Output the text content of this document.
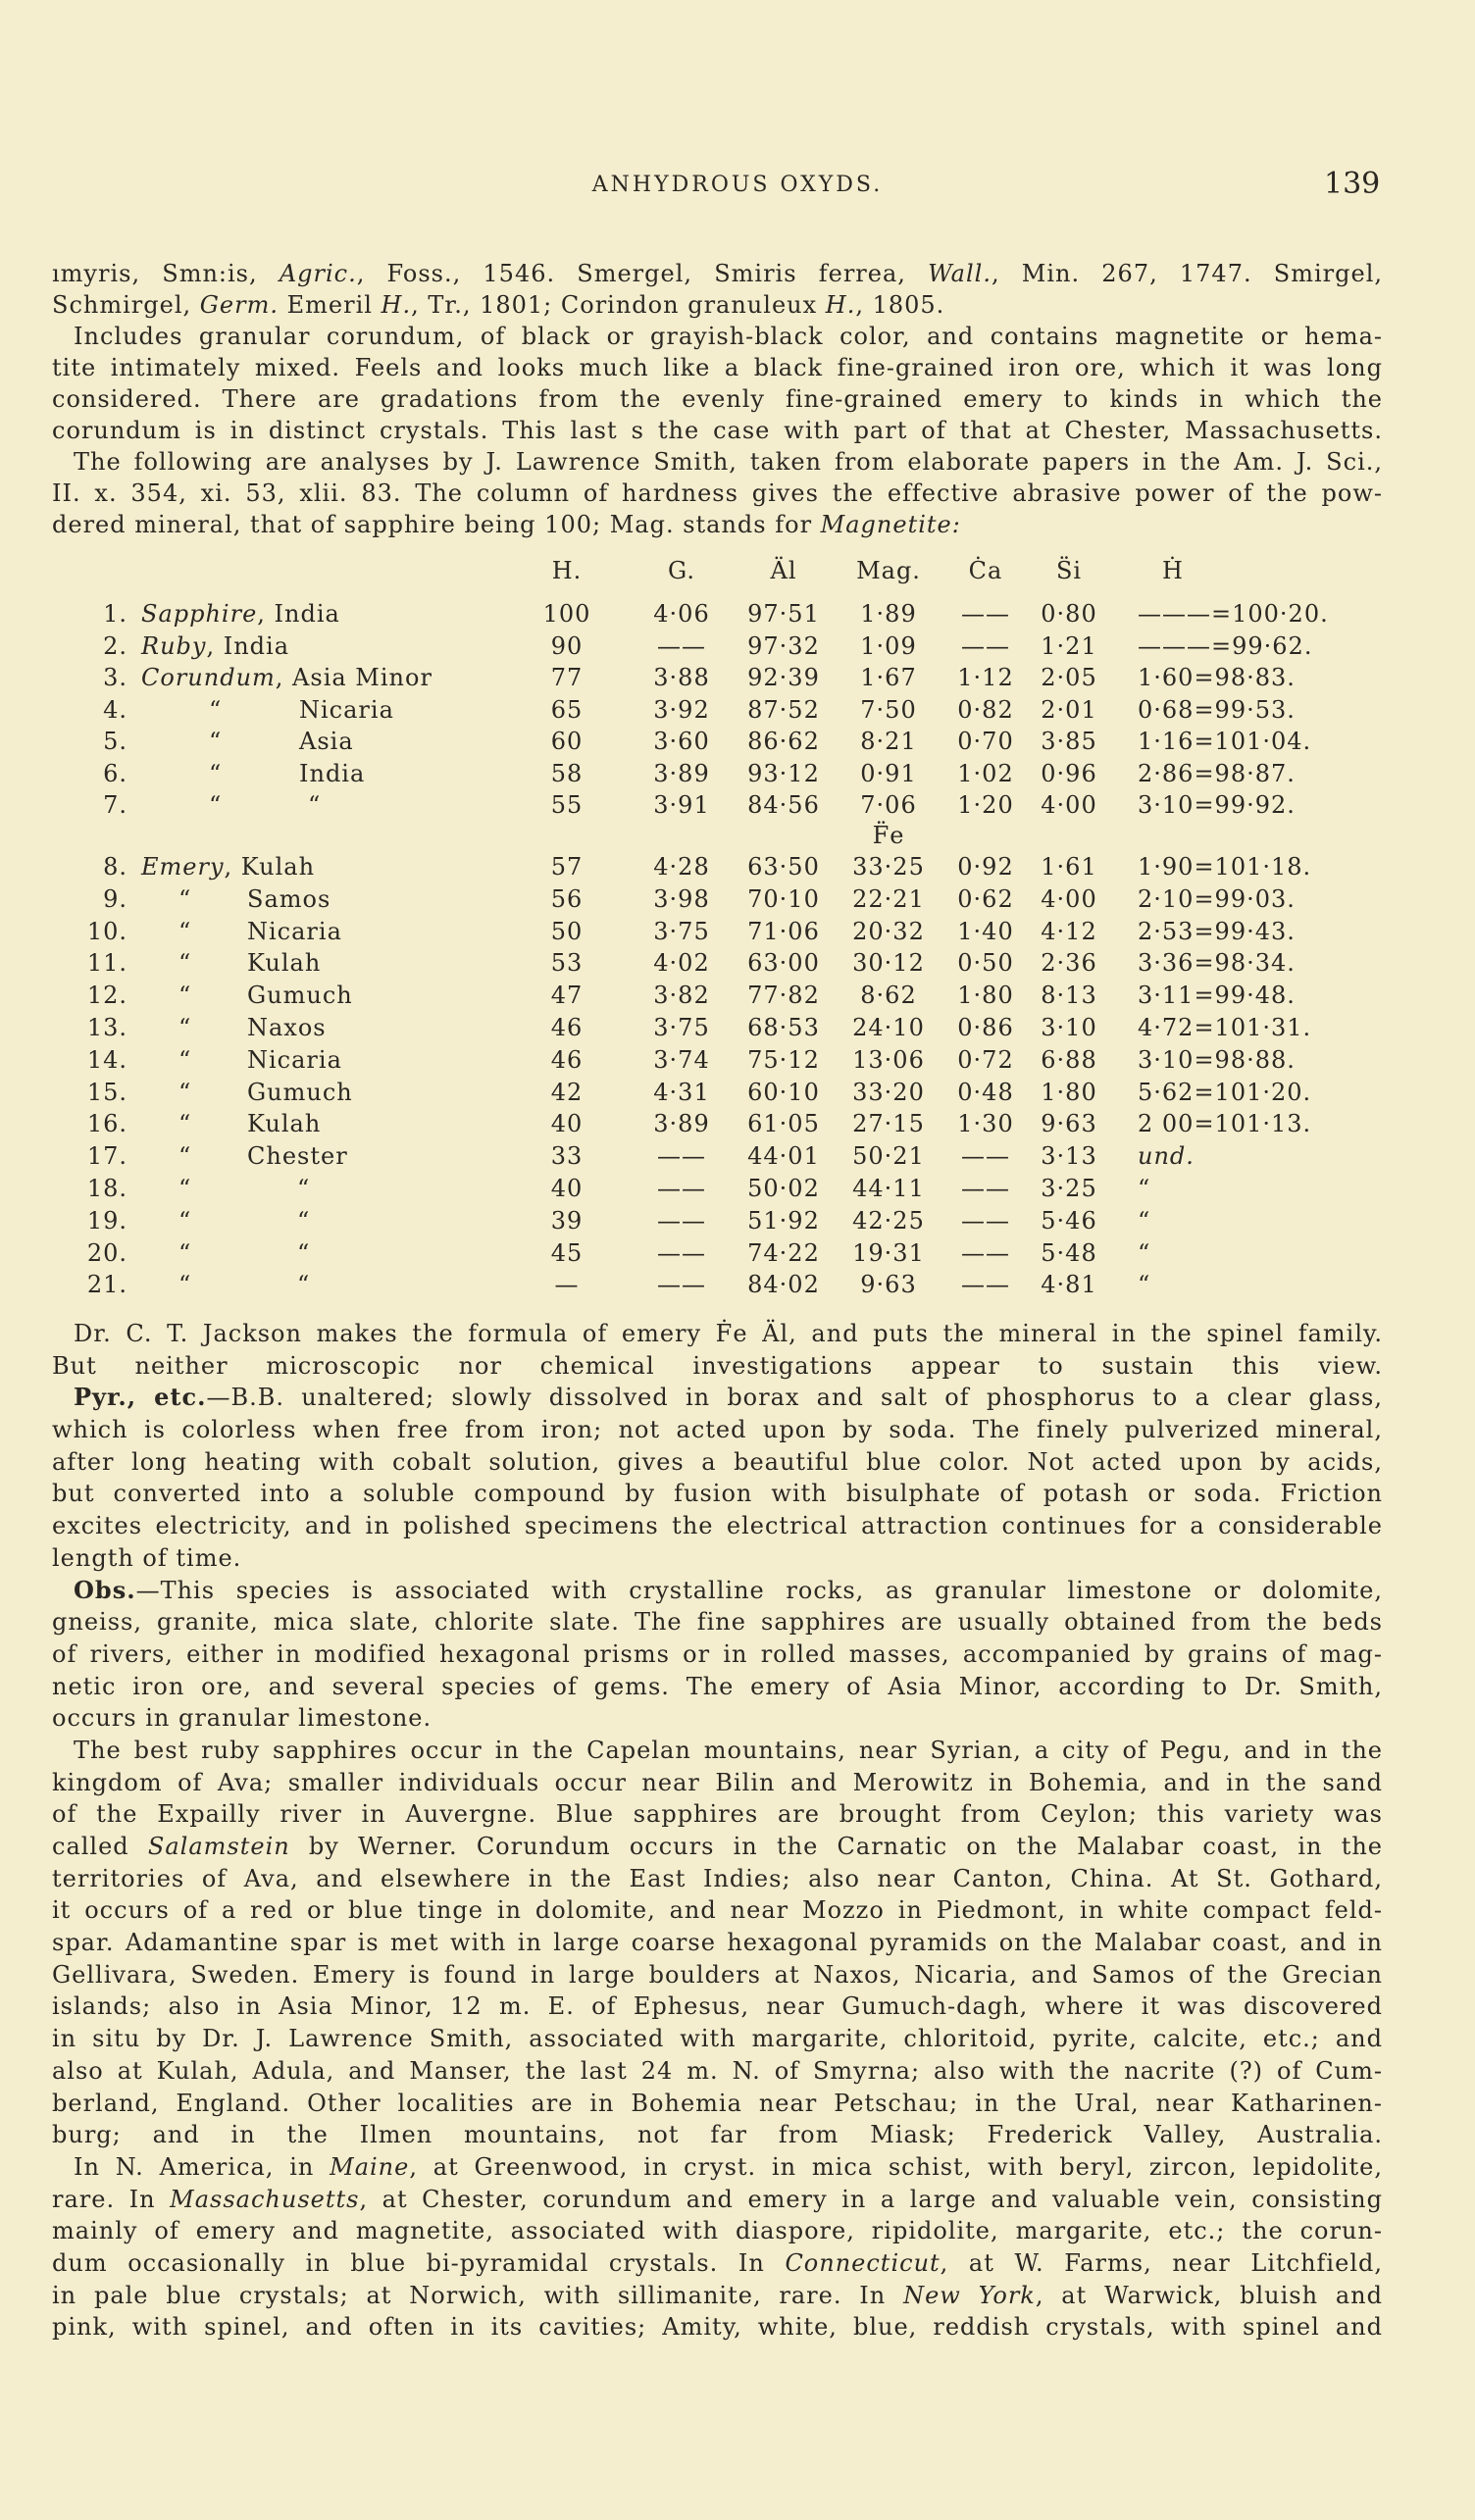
ANHYDROUS OXYDS.	139
ımyris, Smn:is, Agric., Foss., 1546. Smergel, Smiris ferrea, Wall., Min. 267, 1747. Smirgel,
Schmirgel, Germ. Emeril H., Tr., 1801; Corindon granuleux H., 1805.
Includes granular corundum, of black or grayish-black color, and contains magnetite or hema-
tite intimately mixed. Feels and looks much like a black fine-grained iron ore, which it was long
considered. There are gradations from the evenly fine-grained emery to kinds in which the
corundum is in distinct crystals. This last s the case with part of that at Chester, Massachusetts.
The following are analyses by J. Lawrence Smith, taken from elaborate papers in the Am. J. Sci.,
II. x. 354, xi. 53, xlii. 83. The column of hardness gives the effective abrasive power of the pow-
dered mineral, that of sapphire being 100; Mag. stands for Magnetite:
H.	G.	Äl	Mag.	Ċa	S̈i	Ḣ
F̈e
1. Sapphire, India	100	4·06	97·51	1·89	——	0·80	———=100·20.
2. Ruby, India	90	——	97·32	1·09	——	1·21	———=99·62.
3. Corundum, Asia Minor	77	3·88	92·39	1·67	1·12	2·05	1·60=98·83.
4.	“	Nicaria	65	3·92	87·52	7·50	0·82	2·01	0·68=99·53.
5.	“	Asia	60	3·60	86·62	8·21	0·70	3·85	1·16=101·04.
6.	“	India	58	3·89	93·12	0·91	1·02	0·96	2·86=98·87.
7.	“	“	55	3·91	84·56	7·06	1·20	4·00	3·10=99·92.
8. Emery, Kulah	57	4·28	63·50	33·25	0·92	1·61	1·90=101·18.
9. “ Samos	56	3·98	70·10	22·21	0·62	4·00	2·10=99·03.
10. “ Nicaria	50	3·75	71·06	20·32	1·40	4·12	2·53=99·43.
11. “ Kulah	53	4·02	63·00	30·12	0·50	2·36	3·36=98·34.
12. “ Gumuch	47	3·82	77·82	8·62	1·80	8·13	3·11=99·48.
13. “ Naxos	46	3·75	68·53	24·10	0·86	3·10	4·72=101·31.
14. “ Nicaria	46	3·74	75·12	13·06	0·72	6·88	3·10=98·88.
15. “ Gumuch	42	4·31	60·10	33·20	0·48	1·80	5·62=101·20.
16. “ Kulah	40	3·89	61·05	27·15	1·30	9·63	2 00=101·13.
17. “ Chester	33	——	44·01	50·21	——	3·13	und.
18. “	“	40	——	50·02	44·11	——	3·25	“
19. “	“	39	——	51·92	42·25	——	5·46	“
20. “	“	45	——	74·22	19·31	——	5·48	“
21. “	“	—	——	84·02	9·63	——	4·81	“
Dr. C. T. Jackson makes the formula of emery Ḟe Äl, and puts the mineral in the spinel family.
But neither microscopic nor chemical investigations appear to sustain this view.
Pyr., etc.—B.B. unaltered; slowly dissolved in borax and salt of phosphorus to a clear glass,
which is colorless when free from iron; not acted upon by soda. The finely pulverized mineral,
after long heating with cobalt solution, gives a beautiful blue color. Not acted upon by acids,
but converted into a soluble compound by fusion with bisulphate of potash or soda. Friction
excites electricity, and in polished specimens the electrical attraction continues for a considerable
length of time.
Obs.—This species is associated with crystalline rocks, as granular limestone or dolomite,
gneiss, granite, mica slate, chlorite slate. The fine sapphires are usually obtained from the beds
of rivers, either in modified hexagonal prisms or in rolled masses, accompanied by grains of mag-
netic iron ore, and several species of gems. The emery of Asia Minor, according to Dr. Smith,
occurs in granular limestone.
The best ruby sapphires occur in the Capelan mountains, near Syrian, a city of Pegu, and in the
kingdom of Ava; smaller individuals occur near Bilin and Merowitz in Bohemia, and in the sand
of the Expailly river in Auvergne. Blue sapphires are brought from Ceylon; this variety was
called Salamstein by Werner. Corundum occurs in the Carnatic on the Malabar coast, in the
territories of Ava, and elsewhere in the East Indies; also near Canton, China. At St. Gothard,
it occurs of a red or blue tinge in dolomite, and near Mozzo in Piedmont, in white compact feld-
spar. Adamantine spar is met with in large coarse hexagonal pyramids on the Malabar coast, and in
Gellivara, Sweden. Emery is found in large boulders at Naxos, Nicaria, and Samos of the Grecian
islands; also in Asia Minor, 12 m. E. of Ephesus, near Gumuch-dagh, where it was discovered
in situ by Dr. J. Lawrence Smith, associated with margarite, chloritoid, pyrite, calcite, etc.; and
also at Kulah, Adula, and Manser, the last 24 m. N. of Smyrna; also with the nacrite (?) of Cum-
berland, England. Other localities are in Bohemia near Petschau; in the Ural, near Katharinen-
burg; and in the Ilmen mountains, not far from Miask; Frederick Valley, Australia.
In N. America, in Maine, at Greenwood, in cryst. in mica schist, with beryl, zircon, lepidolite,
rare. In Massachusetts, at Chester, corundum and emery in a large and valuable vein, consisting
mainly of emery and magnetite, associated with diaspore, ripidolite, margarite, etc.; the corun-
dum occasionally in blue bi-pyramidal crystals. In Connecticut, at W. Farms, near Litchfield,
in pale blue crystals; at Norwich, with sillimanite, rare. In New York, at Warwick, bluish and
pink, with spinel, and often in its cavities; Amity, white, blue, reddish crystals, with spinel and
